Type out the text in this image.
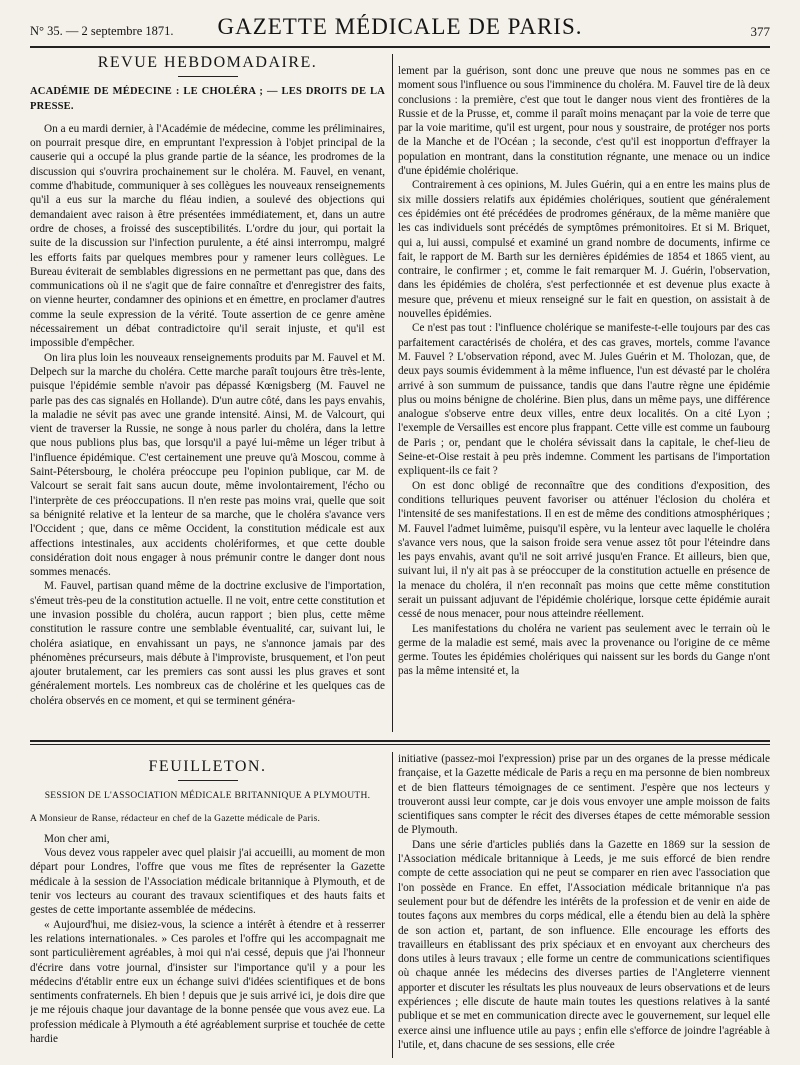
N° 35. — 2 septembre 1871.	GAZETTE MÉDICALE DE PARIS.	377
REVUE HEBDOMADAIRE.
ACADÉMIE DE MÉDECINE : LE CHOLÉRA ; — LES DROITS DE LA PRESSE.

On a eu mardi dernier, à l'Académie de médecine, comme les préliminaires, on pourrait presque dire, en empruntant l'expression à l'objet principal de la causerie qui a occupé la plus grande partie de la séance, les prodromes de la discussion qui s'ouvrira prochainement sur le choléra. M. Fauvel, en venant, comme d'habitude, communiquer à ses collègues les nouveaux renseignements qu'il a eus sur la marche du fléau indien, a soulevé des objections qui demandaient avec raison à être présentées immédiatement, et, dans un autre ordre de choses, a froissé des susceptibilités. L'ordre du jour, qui portait la suite de la discussion sur l'infection purulente, a été ainsi interrompu, malgré les efforts faits par quelques membres pour y ramener leurs collègues. Le Bureau éviterait de semblables digressions en ne permettant pas que, dans des communications où il ne s'agit que de faire connaître et d'enregistrer des faits, on vienne heurter, condamner des opinions et en émettre, en proclamer d'autres comme la seule expression de la vérité. Toute assertion de ce genre amène nécessairement un débat contradictoire qu'il serait injuste, et qu'il est impossible d'empêcher.

On lira plus loin les nouveaux renseignements produits par M. Fauvel et M. Delpech sur la marche du choléra. Cette marche paraît toujours être très-lente, puisque l'épidémie semble n'avoir pas dépassé Kœnigsberg (M. Fauvel ne parle pas des cas signalés en Hollande). D'un autre côté, dans les pays envahis, la maladie ne sévit pas avec une grande intensité. Ainsi, M. de Valcourt, qui vient de traverser la Russie, ne songe à nous parler du choléra, dans la lettre que nous publions plus bas, que lorsqu'il a payé lui-même un léger tribut à l'influence épidémique. C'est certainement une preuve qu'à Moscou, comme à Saint-Pétersbourg, le choléra préoccupe peu l'opinion publique, car M. de Valcourt se serait fait sans aucun doute, même involontairement, l'écho ou l'interprète de ces préoccupations. Il n'en reste pas moins vrai, quelle que soit sa bénignité relative et la lenteur de sa marche, que le choléra s'avance vers l'Occident ; que, dans ce même Occident, la constitution médicale est aux affections intestinales, aux accidents cholériformes, et que cette double considération doit nous engager à nous prémunir contre le danger dont nous sommes menacés.

M. Fauvel, partisan quand même de la doctrine exclusive de l'importation, s'émeut très-peu de la constitution actuelle. Il ne voit, entre cette constitution et une invasion possible du choléra, aucun rapport ; bien plus, cette même constitution le rassure contre une semblable éventualité, car, suivant lui, le choléra asiatique, en envahissant un pays, ne s'annonce jamais par des phénomènes précurseurs, mais débute à l'improviste, brusquement, et l'on peut ajouter brutalement, car les premiers cas sont aussi les plus graves et sont généralement mortels. Les nombreux cas de cholérine et les quelques cas de choléra observés en ce moment, et qui se terminent généra-

lement par la guérison, sont donc une preuve que nous ne sommes pas en ce moment sous l'influence ou sous l'imminence du choléra. M. Fauvel tire de là deux conclusions : la première, c'est que tout le danger nous vient des frontières de la Russie et de la Prusse, et, comme il paraît moins menaçant par la voie de terre que par la voie maritime, qu'il est urgent, pour nous y soustraire, de protéger nos ports de la Manche et de l'Océan ; la seconde, c'est qu'il est inopportun d'effrayer la population en montrant, dans la constitution régnante, une menace ou un indice d'une épidémie cholérique.

Contrairement à ces opinions, M. Jules Guérin, qui a en entre les mains plus de six mille dossiers relatifs aux épidémies cholériques, soutient que généralement ces épidémies ont été précédées de prodromes généraux, de la même manière que les cas individuels sont précédés de symptômes prémonitoires. Et si M. Briquet, qui a, lui aussi, compulsé et examiné un grand nombre de documents, infirme ce fait, le rapport de M. Barth sur les dernières épidémies de 1854 et 1865 vient, au contraire, le confirmer ; et, comme le fait remarquer M. J. Guérin, l'observation, dans les épidémies de choléra, s'est perfectionnée et est devenue plus exacte à mesure que, prévenu et mieux renseigné sur le fait en question, on assistait à de nouvelles épidémies.

Ce n'est pas tout : l'influence cholérique se manifeste-t-elle toujours par des cas parfaitement caractérisés de choléra, et des cas graves, mortels, comme l'avance M. Fauvel ? L'observation répond, avec M. Jules Guérin et M. Tholozan, que, de deux pays soumis évidemment à la même influence, l'un est dévasté par le choléra arrivé à son summum de puissance, tandis que dans l'autre règne une épidémie plus ou moins bénigne de cholérine. Bien plus, dans un même pays, une différence analogue s'observe entre deux villes, entre deux localités. On a cité Lyon ; l'exemple de Versailles est encore plus frappant. Cette ville est comme un faubourg de Paris ; or, pendant que le choléra sévissait dans la capitale, le chef-lieu de Seine-et-Oise restait à peu près indemne. Comment les partisans de l'importation expliquent-ils ce fait ?

On est donc obligé de reconnaître que des conditions d'exposition, des conditions telluriques peuvent favoriser ou atténuer l'éclosion du choléra et l'intensité de ses manifestations. Il en est de même des conditions atmosphériques ; M. Fauvel l'admet luimême, puisqu'il espère, vu la lenteur avec laquelle le choléra s'avance vers nous, que la saison froide sera venue assez tôt pour l'éteindre dans les pays envahis, avant qu'il ne soit arrivé jusqu'en France. Et ailleurs, bien que, suivant lui, il n'y ait pas à se préoccuper de la constitution actuelle en présence de la menace du choléra, il n'en reconnaît pas moins que cette même constitution serait un puissant adjuvant de l'épidémie cholérique, lorsque cette épidémie aurait cessé de nous menacer, pour nous atteindre réellement.

Les manifestations du choléra ne varient pas seulement avec le terrain où le germe de la maladie est semé, mais avec la provenance ou l'origine de ce même germe. Toutes les épidémies cholériques qui naissent sur les bords du Gange n'ont pas la même intensité et, la

FEUILLETON.
SESSION DE L'ASSOCIATION MÉDICALE BRITANNIQUE A PLYMOUTH.
A Monsieur de Ranse, rédacteur en chef de la Gazette médicale de Paris.

Mon cher ami,

Vous devez vous rappeler avec quel plaisir j'ai accueilli, au moment de mon départ pour Londres, l'offre que vous me fîtes de représenter la Gazette médicale à la session de l'Association médicale britannique à Plymouth, et de tenir vos lecteurs au courant des travaux scientifiques et des hauts faits et gestes de cette importante assemblée de médecins.

« Aujourd'hui, me disiez-vous, la science a intérêt à étendre et à resserrer les relations internationales. » Ces paroles et l'offre qui les accompagnait me sont particulièrement agréables, à moi qui n'ai cessé, depuis que j'ai l'honneur d'écrire dans votre journal, d'insister sur l'importance qu'il y a pour les médecins d'établir entre eux un échange suivi d'idées scientifiques et de bons sentiments confraternels. Eh bien ! depuis que je suis arrivé ici, je dois dire que je me réjouis chaque jour davantage de la bonne pensée que vous avez eue. La profession médicale à Plymouth a été agréablement surprise et touchée de cette hardie

initiative (passez-moi l'expression) prise par un des organes de la presse médicale française, et la Gazette médicale de Paris a reçu en ma personne de bien nombreux et de bien flatteurs témoignages de ce sentiment. J'espère que nos lecteurs y trouveront aussi leur compte, car je dois vous envoyer une ample moisson de faits scientifiques sans compter le récit des diverses étapes de cette mémorable session de Plymouth.

Dans une série d'articles publiés dans la Gazette en 1869 sur la session de l'Association médicale britannique à Leeds, je me suis efforcé de bien rendre compte de cette association qui ne peut se comparer en rien avec l'association que l'on possède en France. En effet, l'Association médicale britannique n'a pas seulement pour but de défendre les intérêts de la profession et de venir en aide de toutes façons aux membres du corps médical, elle a étendu bien au delà la sphère de son action et, partant, de son influence. Elle encourage les efforts des travailleurs en établissant des prix spéciaux et en envoyant aux chercheurs des dons utiles à leurs travaux ; elle forme un centre de communications scientifiques où chaque année les médecins des diverses parties de l'Angleterre viennent apporter et discuter les résultats les plus nouveaux de leurs observations et de leurs expériences ; elle discute de haute main toutes les questions relatives à la santé publique et se met en communication directe avec le gouvernement, sur lequel elle exerce ainsi une influence utile au pays ; enfin elle s'efforce de joindre l'agréable à l'utile, et, dans chacune de ses sessions, elle crée
